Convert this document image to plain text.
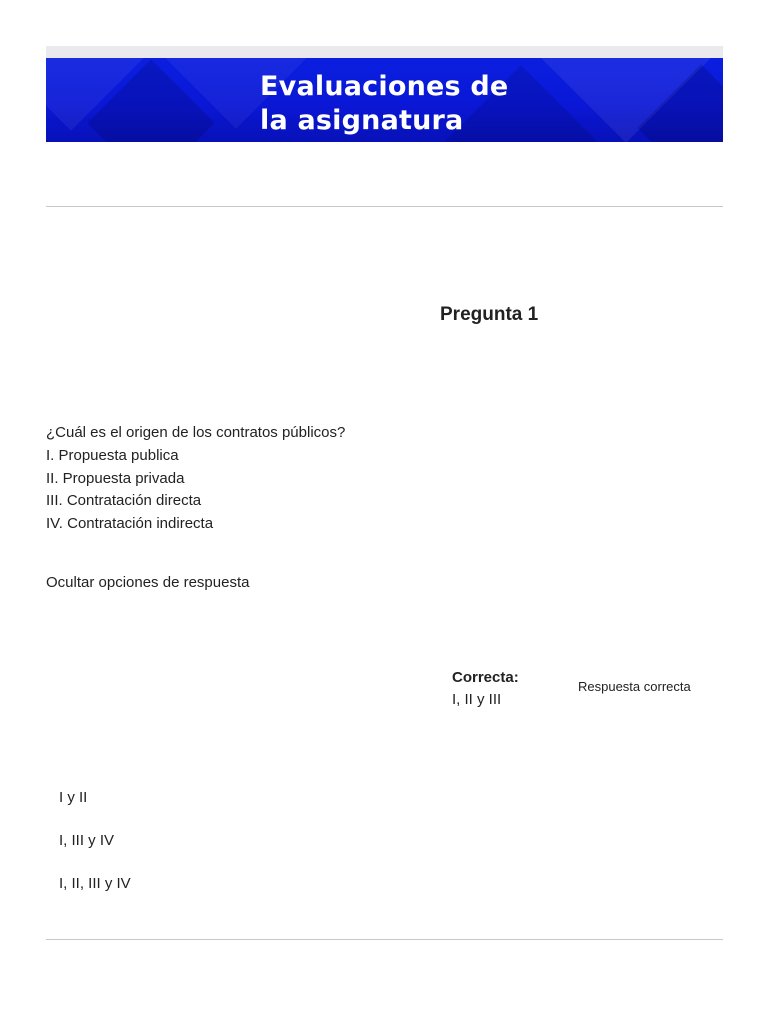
Evaluaciones de
la asignatura
Pregunta 1
¿Cuál es el origen de los contratos públicos?
I. Propuesta publica
II. Propuesta privada
III. Contratación directa
IV. Contratación indirecta
Ocultar opciones de respuesta
Correcta:
I, II y III
Respuesta correcta
I y II
I, III y IV
I, II, III y IV
